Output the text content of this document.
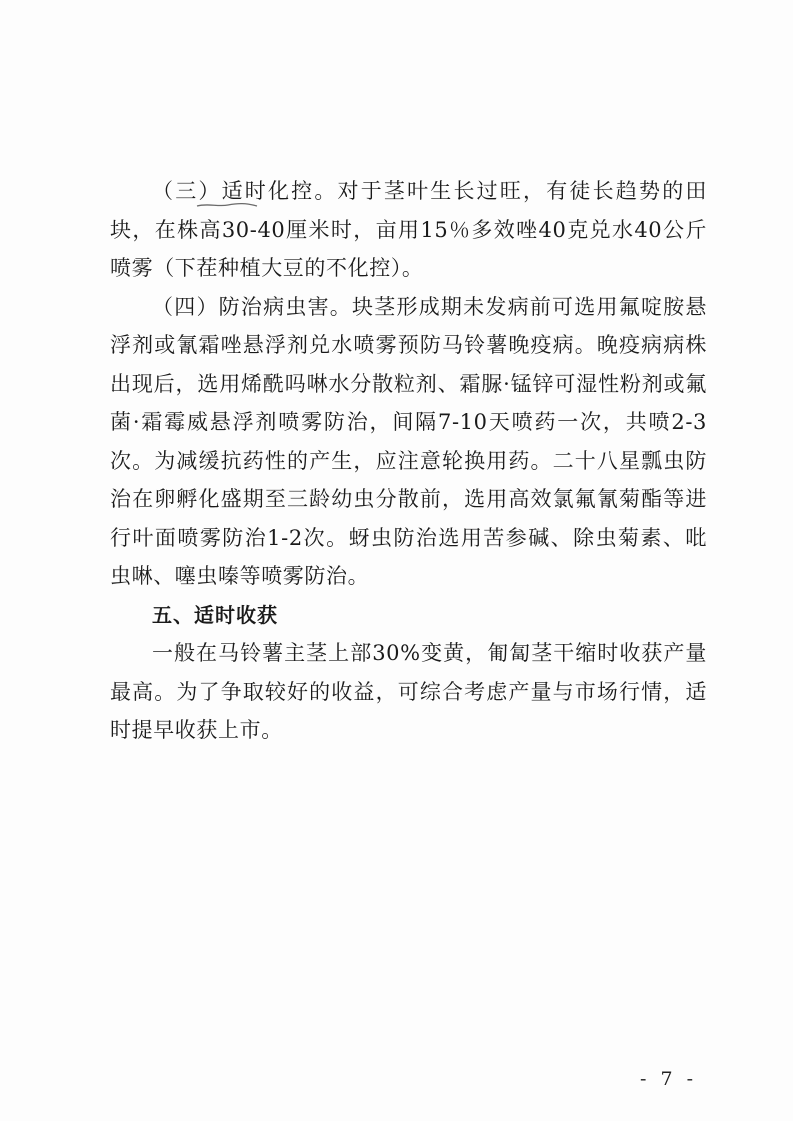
（三）适时化控。对于茎叶生长过旺，有徒长趋势的田块，在株高30-40厘米时，亩用15％多效唑40克兑水40公斤喷雾（下茬种植大豆的不化控）。

（四）防治病虫害。块茎形成期未发病前可选用氟啶胺悬浮剂或氰霜唑悬浮剂兑水喷雾预防马铃薯晚疫病。晚疫病病株出现后，选用烯酰吗啉水分散粒剂、霜脲·锰锌可湿性粉剂或氟菌·霜霉威悬浮剂喷雾防治，间隔7-10天喷药一次，共喷2-3次。为减缓抗药性的产生，应注意轮换用药。二十八星瓢虫防治在卵孵化盛期至三龄幼虫分散前，选用高效氯氟氰菊酯等进行叶面喷雾防治1-2次。蚜虫防治选用苦参碱、除虫菊素、吡虫啉、噻虫嗪等喷雾防治。

五、适时收获

一般在马铃薯主茎上部30%变黄，匍匐茎干缩时收获产量最高。为了争取较好的收益，可综合考虑产量与市场行情，适时提早收获上市。

- 7 -
